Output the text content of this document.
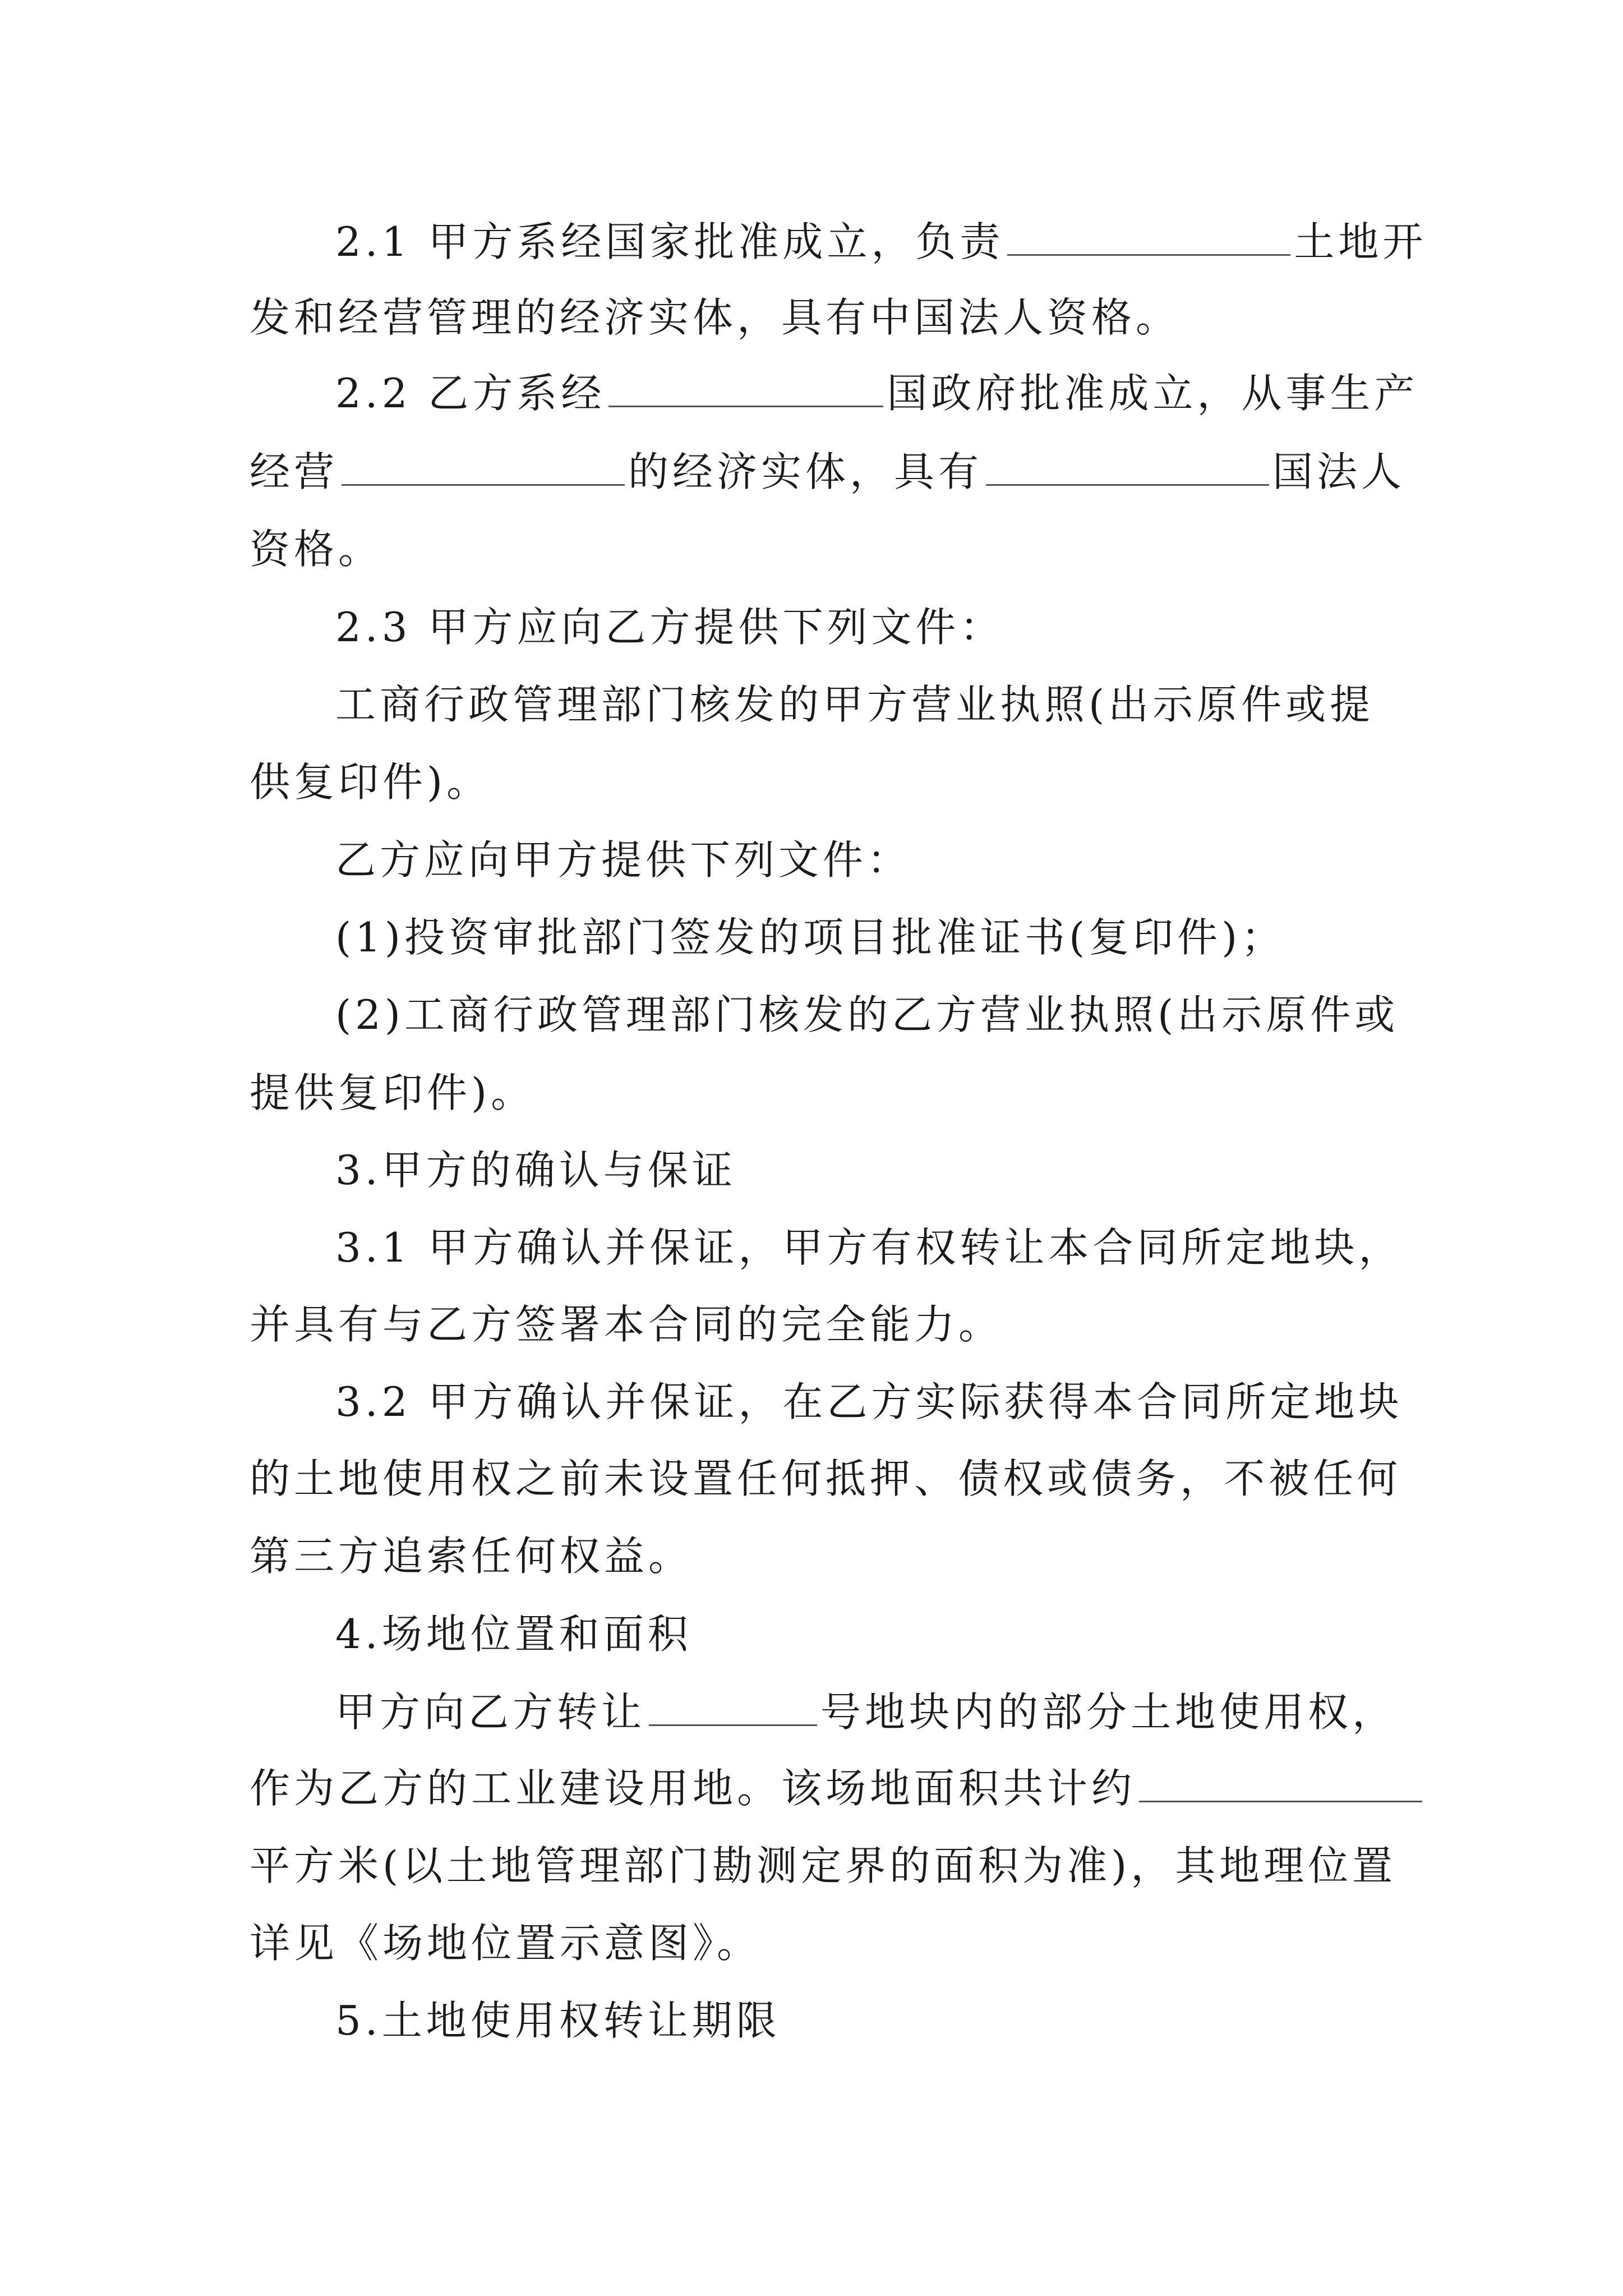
2.1 甲方系经国家批准成立，负责	土地开
发和经营管理的经济实体，具有中国法人资格。
2.2 乙方系经	国政府批准成立，从事生产
经营	的经济实体，具有	国法人
资格。
2.3 甲方应向乙方提供下列文件：
工商行政管理部门核发的甲方营业执照(出示原件或提
供复印件)。
乙方应向甲方提供下列文件：
(1)投资审批部门签发的项目批准证书(复印件)；
(2)工商行政管理部门核发的乙方营业执照(出示原件或
提供复印件)。
3.甲方的确认与保证
3.1 甲方确认并保证，甲方有权转让本合同所定地块，
并具有与乙方签署本合同的完全能力。
3.2 甲方确认并保证，在乙方实际获得本合同所定地块
的土地使用权之前未设置任何抵押、债权或债务，不被任何
第三方追索任何权益。
4.场地位置和面积
甲方向乙方转让	号地块内的部分土地使用权，
作为乙方的工业建设用地。该场地面积共计约
平方米(以土地管理部门勘测定界的面积为准)，其地理位置
详见《场地位置示意图》。
5.土地使用权转让期限
